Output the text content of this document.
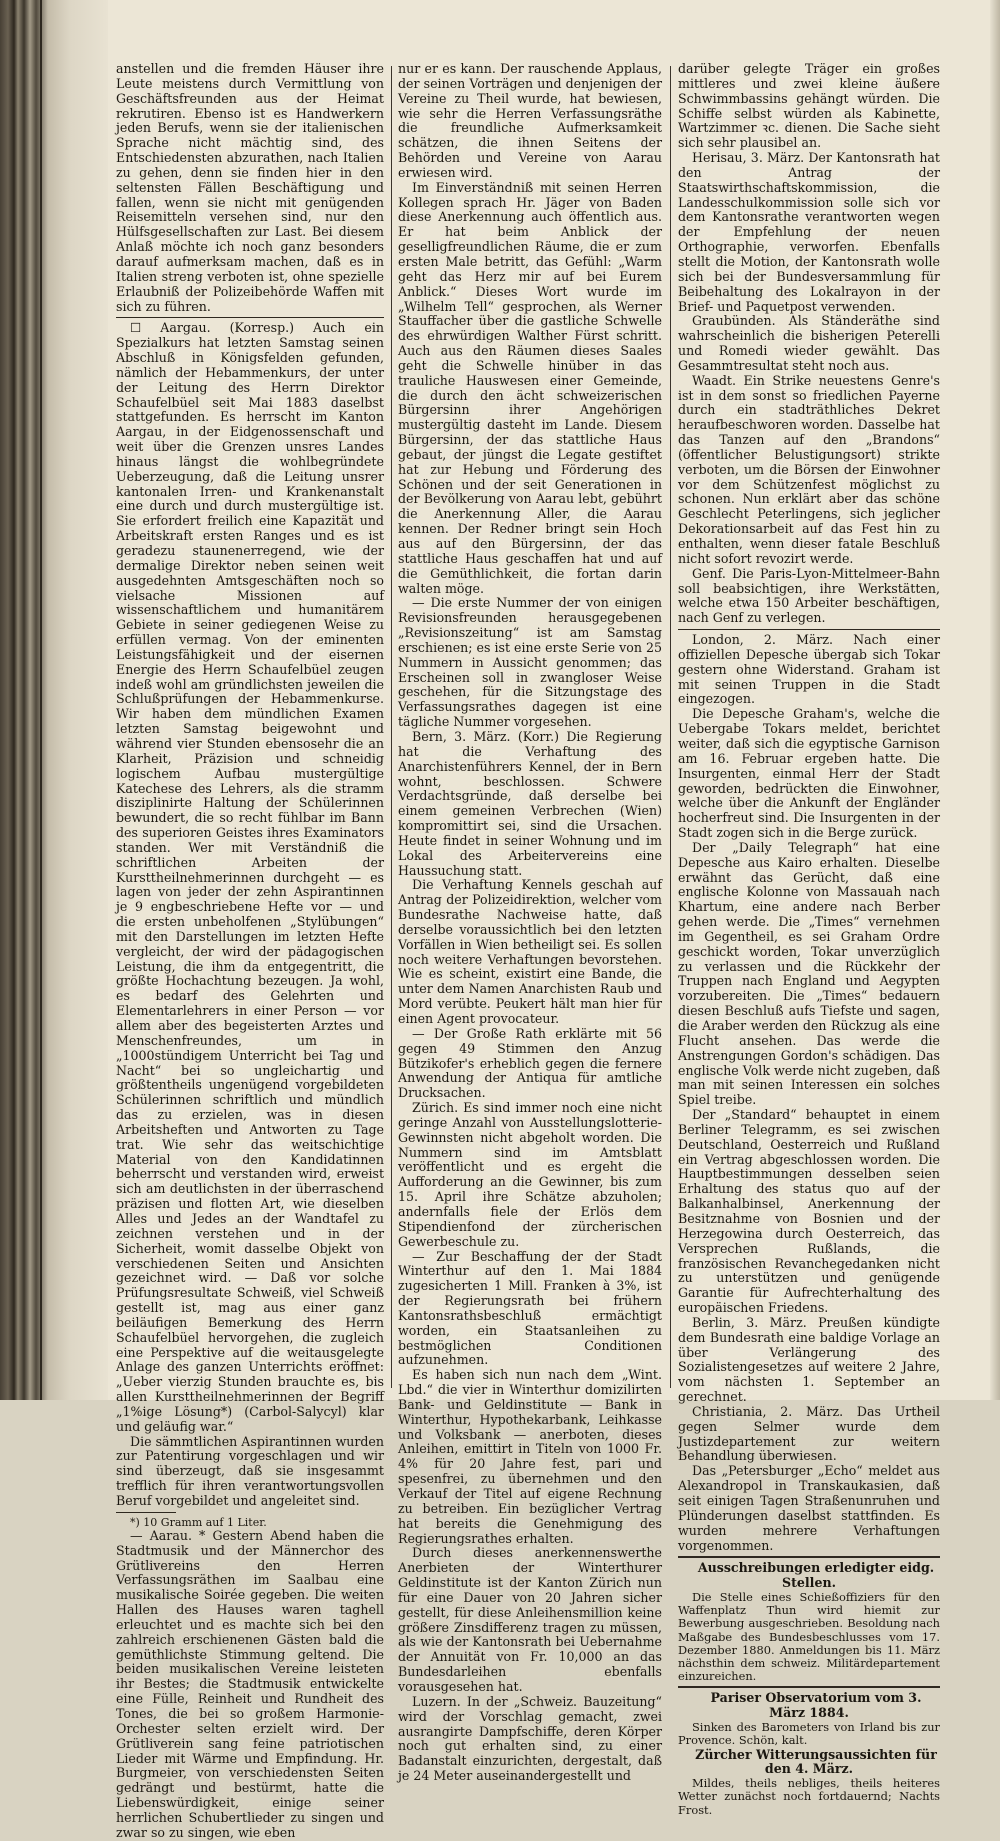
anstellen und die fremden Häuser ihre Leute meistens durch Vermittlung von Geschäftsfreunden aus der Heimat rekrutiren. Ebenso ist es Handwerkern jeden Berufs, wenn sie der italienischen Sprache nicht mächtig sind, des Entschiedensten abzurathen, nach Italien zu gehen, denn sie finden hier in den seltensten Fällen Beschäftigung und fallen, wenn sie nicht mit genügenden Reisemitteln versehen sind, nur den Hülfsgesellschaften zur Last. Bei diesem Anlaß möchte ich noch ganz besonders darauf aufmerksam machen, daß es in Italien streng verboten ist, ohne spezielle Erlaubniß der Polizeibehörde Waffen mit sich zu führen.

☐ Aargau. (Korresp.) Auch ein Spezialkurs hat letzten Samstag seinen Abschluß in Königsfelden gefunden, nämlich der Hebammenkurs, der unter der Leitung des Herrn Direktor Schaufelbüel seit Mai 1883 daselbst stattgefunden. Es herrscht im Kanton Aargau, in der Eidgenossenschaft und weit über die Grenzen unsres Landes hinaus längst die wohlbegründete Ueberzeugung, daß die Leitung unsrer kantonalen Irren- und Krankenanstalt eine durch und durch mustergültige ist. Sie erfordert freilich eine Kapazität und Arbeitskraft ersten Ranges und es ist geradezu staunenerregend, wie der dermalige Direktor neben seinen weit ausgedehnten Amtsgeschäften noch so vielsache Missionen auf wissenschaftlichem und humanitärem Gebiete in seiner gediegenen Weise zu erfüllen vermag. Von der eminenten Leistungsfähigkeit und der eisernen Energie des Herrn Schaufelbüel zeugen indeß wohl am gründlichsten jeweilen die Schlußprüfungen der Hebammenkurse. Wir haben dem mündlichen Examen letzten Samstag beigewohnt und während vier Stunden ebensosehr die an Klarheit, Präzision und schneidig logischem Aufbau mustergültige Katechese des Lehrers, als die stramm disziplinirte Haltung der Schülerinnen bewundert, die so recht fühlbar im Bann des superioren Geistes ihres Examinators standen. Wer mit Verständniß die schriftlichen Arbeiten der Kursttheilnehmerinnen durchgeht — es lagen von jeder der zehn Aspirantinnen je 9 engbeschriebene Hefte vor — und die ersten unbeholfenen „Stylübungen“ mit den Darstellungen im letzten Hefte vergleicht, der wird der pädagogischen Leistung, die ihm da entgegentritt, die größte Hochachtung bezeugen. Ja wohl, es bedarf des Gelehrten und Elementarlehrers in einer Person — vor allem aber des begeisterten Arztes und Menschenfreundes, um in „1000stündigem Unterricht bei Tag und Nacht“ bei so ungleichartig und größtentheils ungenügend vorgebildeten Schülerinnen schriftlich und mündlich das zu erzielen, was in diesen Arbeitsheften und Antworten zu Tage trat. Wie sehr das weitschichtige Material von den Kandidatinnen beherrscht und verstanden wird, erweist sich am deutlichsten in der überraschend präzisen und flotten Art, wie dieselben Alles und Jedes an der Wandtafel zu zeichnen verstehen und in der Sicherheit, womit dasselbe Objekt von verschiedenen Seiten und Ansichten gezeichnet wird. — Daß vor solche Prüfungsresultate Schweiß, viel Schweiß gestellt ist, mag aus einer ganz beiläufigen Bemerkung des Herrn Schaufelbüel hervorgehen, die zugleich eine Perspektive auf die weitausgelegte Anlage des ganzen Unterrichts eröffnet: „Ueber vierzig Stunden brauchte es, bis allen Kursttheilnehmerinnen der Begriff „1%ige Lösung*) (Carbol-Salycyl) klar und geläufig war.“

Die sämmtlichen Aspirantinnen wurden zur Patentirung vorgeschlagen und wir sind überzeugt, daß sie insgesammt trefflich für ihren verantwortungsvollen Beruf vorgebildet und angeleitet sind.

*) 10 Gramm auf 1 Liter.

— Aarau. * Gestern Abend haben die Stadtmusik und der Männerchor des Grütlivereins den Herren Verfassungsräthen im Saalbau eine musikalische Soirée gegeben. Die weiten Hallen des Hauses waren taghell erleuchtet und es machte sich bei den zahlreich erschienenen Gästen bald die gemüthlichste Stimmung geltend. Die beiden musikalischen Vereine leisteten ihr Bestes; die Stadtmusik entwickelte eine Fülle, Reinheit und Rundheit des Tones, die bei so großem Harmonie-Orchester selten erzielt wird. Der Grütliverein sang feine patriotischen Lieder mit Wärme und Empfindung. Hr. Burgmeier, von verschiedensten Seiten gedrängt und bestürmt, hatte die Liebenswürdigkeit, einige seiner herrlichen Schubertlieder zu singen und zwar so zu singen, wie eben

nur er es kann. Der rauschende Applaus, der seinen Vorträgen und denjenigen der Vereine zu Theil wurde, hat bewiesen, wie sehr die Herren Verfassungsräthe die freundliche Aufmerksamkeit schätzen, die ihnen Seitens der Behörden und Vereine von Aarau erwiesen wird.

Im Einverständniß mit seinen Herren Kollegen sprach Hr. Jäger von Baden diese Anerkennung auch öffentlich aus. Er hat beim Anblick der geselligfreundlichen Räume, die er zum ersten Male betritt, das Gefühl: „Warm geht das Herz mir auf bei Eurem Anblick.“ Dieses Wort wurde im „Wilhelm Tell“ gesprochen, als Werner Stauffacher über die gastliche Schwelle des ehrwürdigen Walther Fürst schritt. Auch aus den Räumen dieses Saales geht die Schwelle hinüber in das trauliche Hauswesen einer Gemeinde, die durch den ächt schweizerischen Bürgersinn ihrer Angehörigen mustergültig dasteht im Lande. Diesem Bürgersinn, der das stattliche Haus gebaut, der jüngst die Legate gestiftet hat zur Hebung und Förderung des Schönen und der seit Generationen in der Bevölkerung von Aarau lebt, gebührt die Anerkennung Aller, die Aarau kennen. Der Redner bringt sein Hoch aus auf den Bürgersinn, der das stattliche Haus geschaffen hat und auf die Gemüthlichkeit, die fortan darin walten möge.

— Die erste Nummer der von einigen Revisionsfreunden herausgegebenen „Revisionszeitung“ ist am Samstag erschienen; es ist eine erste Serie von 25 Nummern in Aussicht genommen; das Erscheinen soll in zwangloser Weise geschehen, für die Sitzungstage des Verfassungsrathes dagegen ist eine tägliche Nummer vorgesehen.

Bern, 3. März. (Korr.) Die Regierung hat die Verhaftung des Anarchistenführers Kennel, der in Bern wohnt, beschlossen. Schwere Verdachtsgründe, daß derselbe bei einem gemeinen Verbrechen (Wien) kompromittirt sei, sind die Ursachen. Heute findet in seiner Wohnung und im Lokal des Arbeitervereins eine Haussuchung statt.

Die Verhaftung Kennels geschah auf Antrag der Polizeidirektion, welcher vom Bundesrathe Nachweise hatte, daß derselbe voraussichtlich bei den letzten Vorfällen in Wien betheiligt sei. Es sollen noch weitere Verhaftungen bevorstehen. Wie es scheint, existirt eine Bande, die unter dem Namen Anarchisten Raub und Mord verübte. Peukert hält man hier für einen Agent provocateur.

— Der Große Rath erklärte mit 56 gegen 49 Stimmen den Anzug Bützikofer's erheblich gegen die fernere Anwendung der Antiqua für amtliche Drucksachen.

Zürich. Es sind immer noch eine nicht geringe Anzahl von Ausstellungslotterie-Gewinnsten nicht abgeholt worden. Die Nummern sind im Amtsblatt veröffentlicht und es ergeht die Aufforderung an die Gewinner, bis zum 15. April ihre Schätze abzuholen; andernfalls fiele der Erlös dem Stipendienfond der zürcherischen Gewerbeschule zu.

— Zur Beschaffung der der Stadt Winterthur auf den 1. Mai 1884 zugesicherten 1 Mill. Franken à 3%, ist der Regierungsrath bei frühern Kantonsrathsbeschluß ermächtigt worden, ein Staatsanleihen zu bestmöglichen Conditionen aufzunehmen.

Es haben sich nun nach dem „Wint. Lbd.“ die vier in Winterthur domizilirten Bank- und Geldinstitute — Bank in Winterthur, Hypothekarbank, Leihkasse und Volksbank — anerboten, dieses Anleihen, emittirt in Titeln von 1000 Fr. 4% für 20 Jahre fest, pari und spesenfrei, zu übernehmen und den Verkauf der Titel auf eigene Rechnung zu betreiben. Ein bezüglicher Vertrag hat bereits die Genehmigung des Regierungsrathes erhalten.

Durch dieses anerkennenswerthe Anerbieten der Winterthurer Geldinstitute ist der Kanton Zürich nun für eine Dauer von 20 Jahren sicher gestellt, für diese Anleihensmillion keine größere Zinsdifferenz tragen zu müssen, als wie der Kantonsrath bei Uebernahme der Annuität von Fr. 10,000 an das Bundesdarleihen ebenfalls vorausgesehen hat.

Luzern. In der „Schweiz. Bauzeitung“ wird der Vorschlag gemacht, zwei ausrangirte Dampfschiffe, deren Körper noch gut erhalten sind, zu einer Badanstalt einzurichten, dergestalt, daß je 24 Meter auseinandergestellt und

darüber gelegte Träger ein großes mittleres und zwei kleine äußere Schwimmbassins gehängt würden. Die Schiffe selbst würden als Kabinette, Wartzimmer ꝛc. dienen. Die Sache sieht sich sehr plausibel an.

Herisau, 3. März. Der Kantonsrath hat den Antrag der Staatswirthschaftskommission, die Landesschulkommission solle sich vor dem Kantonsrathe verantworten wegen der Empfehlung der neuen Orthographie, verworfen. Ebenfalls stellt die Motion, der Kantonsrath wolle sich bei der Bundesversammlung für Beibehaltung des Lokalrayon in der Brief- und Paquetpost verwenden.

Graubünden. Als Ständeräthe sind wahrscheinlich die bisherigen Peterelli und Romedi wieder gewählt. Das Gesammtresultat steht noch aus.

Waadt. Ein Strike neuestens Genre's ist in dem sonst so friedlichen Payerne durch ein stadträthliches Dekret heraufbeschworen worden. Dasselbe hat das Tanzen auf den „Brandons“ (öffentlicher Belustigungsort) strikte verboten, um die Börsen der Einwohner vor dem Schützenfest möglichst zu schonen. Nun erklärt aber das schöne Geschlecht Peterlingens, sich jeglicher Dekorationsarbeit auf das Fest hin zu enthalten, wenn dieser fatale Beschluß nicht sofort revozirt werde.

Genf. Die Paris-Lyon-Mittelmeer-Bahn soll beabsichtigen, ihre Werkstätten, welche etwa 150 Arbeiter beschäftigen, nach Genf zu verlegen.

London, 2. März. Nach einer offiziellen Depesche übergab sich Tokar gestern ohne Widerstand. Graham ist mit seinen Truppen in die Stadt eingezogen.

Die Depesche Graham's, welche die Uebergabe Tokars meldet, berichtet weiter, daß sich die egyptische Garnison am 16. Februar ergeben hatte. Die Insurgenten, einmal Herr der Stadt geworden, bedrückten die Einwohner, welche über die Ankunft der Engländer hocherfreut sind. Die Insurgenten in der Stadt zogen sich in die Berge zurück.

Der „Daily Telegraph“ hat eine Depesche aus Kairo erhalten. Dieselbe erwähnt das Gerücht, daß eine englische Kolonne von Massauah nach Khartum, eine andere nach Berber gehen werde. Die „Times“ vernehmen im Gegentheil, es sei Graham Ordre geschickt worden, Tokar unverzüglich zu verlassen und die Rückkehr der Truppen nach England und Aegypten vorzubereiten. Die „Times“ bedauern diesen Beschluß aufs Tiefste und sagen, die Araber werden den Rückzug als eine Flucht ansehen. Das werde die Anstrengungen Gordon's schädigen. Das englische Volk werde nicht zugeben, daß man mit seinen Interessen ein solches Spiel treibe.

Der „Standard“ behauptet in einem Berliner Telegramm, es sei zwischen Deutschland, Oesterreich und Rußland ein Vertrag abgeschlossen worden. Die Hauptbestimmungen desselben seien Erhaltung des status quo auf der Balkanhalbinsel, Anerkennung der Besitznahme von Bosnien und der Herzegowina durch Oesterreich, das Versprechen Rußlands, die französischen Revanchegedanken nicht zu unterstützen und genügende Garantie für Aufrechterhaltung des europäischen Friedens.

Berlin, 3. März. Preußen kündigte dem Bundesrath eine baldige Vorlage an über Verlängerung des Sozialistengesetzes auf weitere 2 Jahre, vom nächsten 1. September an gerechnet.

Christiania, 2. März. Das Urtheil gegen Selmer wurde dem Justizdepartement zur weitern Behandlung überwiesen.

Das „Petersburger „Echo“ meldet aus Alexandropol in Transkaukasien, daß seit einigen Tagen Straßenunruhen und Plünderungen daselbst stattfinden. Es wurden mehrere Verhaftungen vorgenommen.

Ausschreibungen erledigter eidg. Stellen.

Die Stelle eines Schießoffiziers für den Waffenplatz Thun wird hiemit zur Bewerbung ausgeschrieben. Besoldung nach Maßgabe des Bundesbeschlusses vom 17. Dezember 1880. Anmeldungen bis 11. März nächsthin dem schweiz. Militärdepartement einzureichen.

Pariser Observatorium vom 3. März 1884.

Sinken des Barometers von Irland bis zur Provence. Schön, kalt.

Zürcher Witterungsaussichten für den 4. März.

Mildes, theils nebliges, theils heiteres Wetter zunächst noch fortdauernd; Nachts Frost.
